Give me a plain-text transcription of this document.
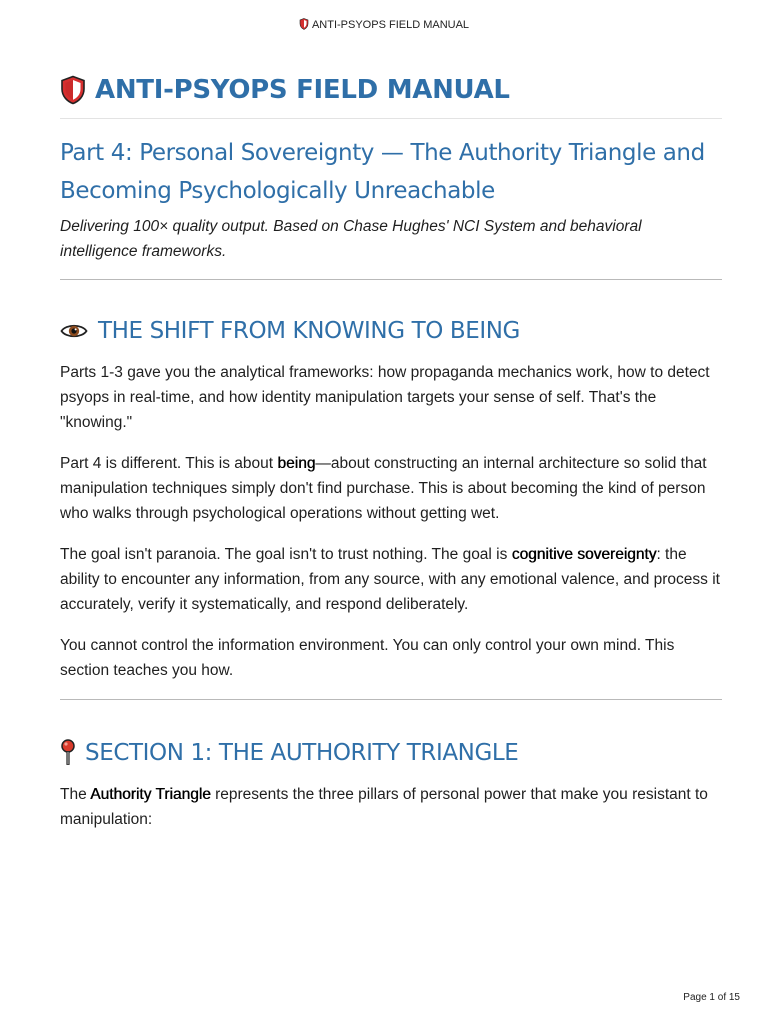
ANTI-PSYOPS FIELD MANUAL
ANTI-PSYOPS FIELD MANUAL
Part 4: Personal Sovereignty — The Authority Triangle and
Becoming Psychologically Unreachable

Delivering 100× quality output. Based on Chase Hughes' NCI System and behavioral intelligence frameworks.

THE SHIFT FROM KNOWING TO BEING

Parts 1-3 gave you the analytical frameworks: how propaganda mechanics work, how to detect psyops in real-time, and how identity manipulation targets your sense of self. That's the "knowing."

Part 4 is different. This is about being—about constructing an internal architecture so solid that manipulation techniques simply don't find purchase. This is about becoming the kind of person who walks through psychological operations without getting wet.

The goal isn't paranoia. The goal isn't to trust nothing. The goal is cognitive sovereignty: the ability to encounter any information, from any source, with any emotional valence, and process it accurately, verify it systematically, and respond deliberately.

You cannot control the information environment. You can only control your own mind. This section teaches you how.

SECTION 1: THE AUTHORITY TRIANGLE

The Authority Triangle represents the three pillars of personal power that make you resistant to manipulation:

Page 1 of 15
